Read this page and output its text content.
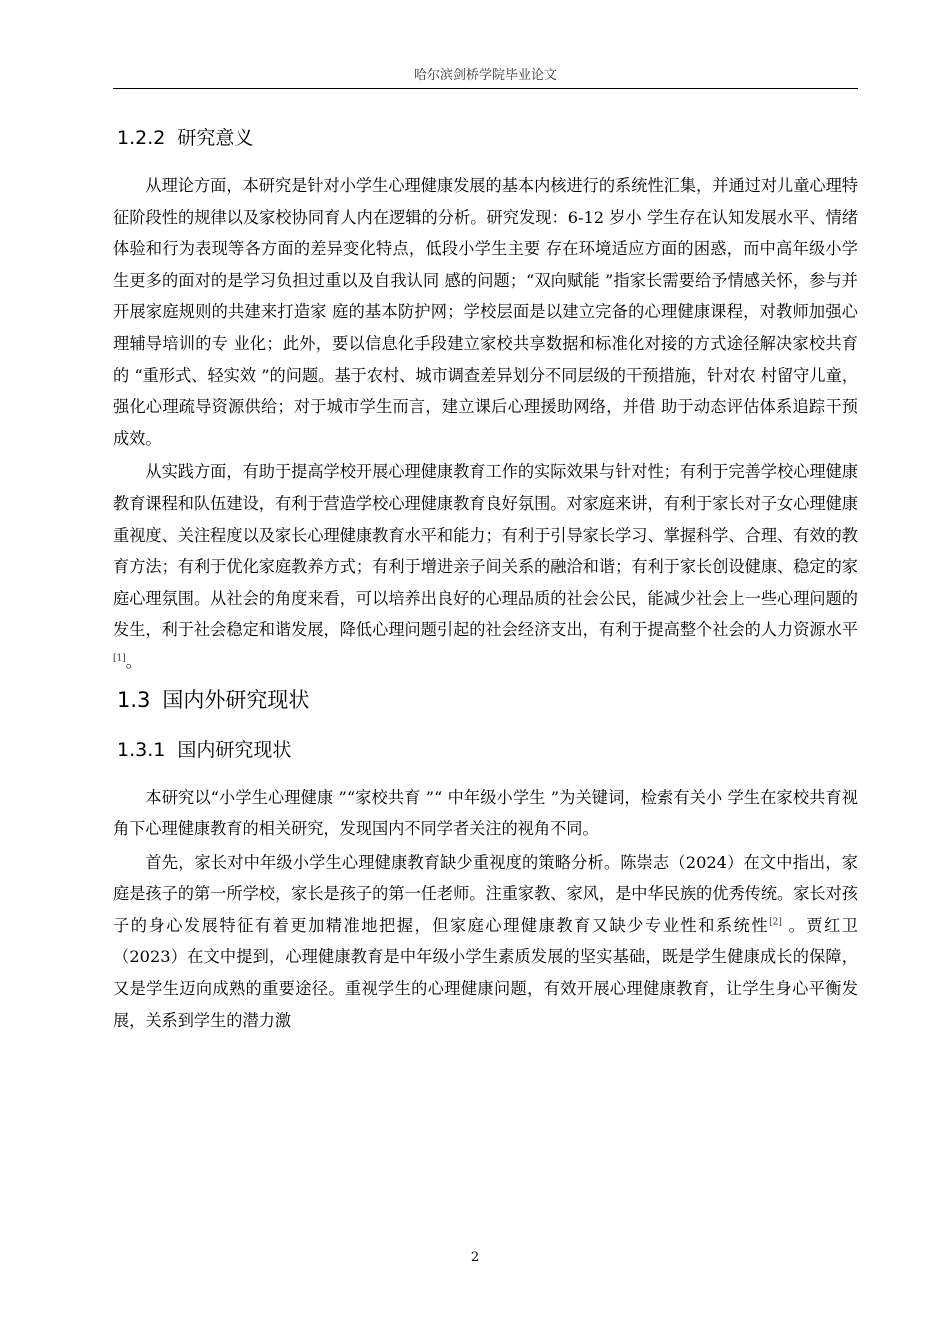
哈尔滨剑桥学院毕业论文
1.2.2 研究意义

从理论方面，本研究是针对小学生心理健康发展的基本内核进行的系统性汇集，并通过对儿童心理特征阶段性的规律以及家校协同育人内在逻辑的分析。研究发现：6-12 岁小 学生存在认知发展水平、情绪体验和行为表现等各方面的差异变化特点，低段小学生主要 存在环境适应方面的困惑，而中高年级小学生更多的面对的是学习负担过重以及自我认同 感的问题；“双向赋能 ”指家长需要给予情感关怀，参与并开展家庭规则的共建来打造家 庭的基本防护网；学校层面是以建立完备的心理健康课程，对教师加强心理辅导培训的专 业化；此外，要以信息化手段建立家校共享数据和标准化对接的方式途径解决家校共育的 “重形式、轻实效 ”的问题。基于农村、城市调查差异划分不同层级的干预措施，针对农 村留守儿童，强化心理疏导资源供给；对于城市学生而言，建立课后心理援助网络，并借 助于动态评估体系追踪干预成效。

从实践方面，有助于提高学校开展心理健康教育工作的实际效果与针对性；有利于完善学校心理健康教育课程和队伍建设，有利于营造学校心理健康教育良好氛围。对家庭来讲，有利于家长对子女心理健康重视度、关注程度以及家长心理健康教育水平和能力；有利于引导家长学习、掌握科学、合理、有效的教育方法；有利于优化家庭教养方式；有利于增进亲子间关系的融洽和谐；有利于家长创设健康、稳定的家庭心理氛围。从社会的角度来看，可以培养出良好的心理品质的社会公民，能减少社会上一些心理问题的发生，利于社会稳定和谐发展，降低心理问题引起的社会经济支出，有利于提高整个社会的人力资源水平[1]。

1.3 国内外研究现状
1.3.1 国内研究现状

本研究以“小学生心理健康 ”“家校共育 ”“ 中年级小学生 ”为关键词，检索有关小 学生在家校共育视角下心理健康教育的相关研究，发现国内不同学者关注的视角不同。

首先，家长对中年级小学生心理健康教育缺少重视度的策略分析。陈崇志（2024）在文中指出，家庭是孩子的第一所学校，家长是孩子的第一任老师。注重家教、家风，是中华民族的优秀传统。家长对孩子的身心发展特征有着更加精准地把握，但家庭心理健康教育又缺少专业性和系统性[2] 。贾红卫（2023）在文中提到，心理健康教育是中年级小学生素质发展的坚实基础，既是学生健康成长的保障，又是学生迈向成熟的重要途径。重视学生的心理健康问题，有效开展心理健康教育，让学生身心平衡发展，关系到学生的潜力激

2
